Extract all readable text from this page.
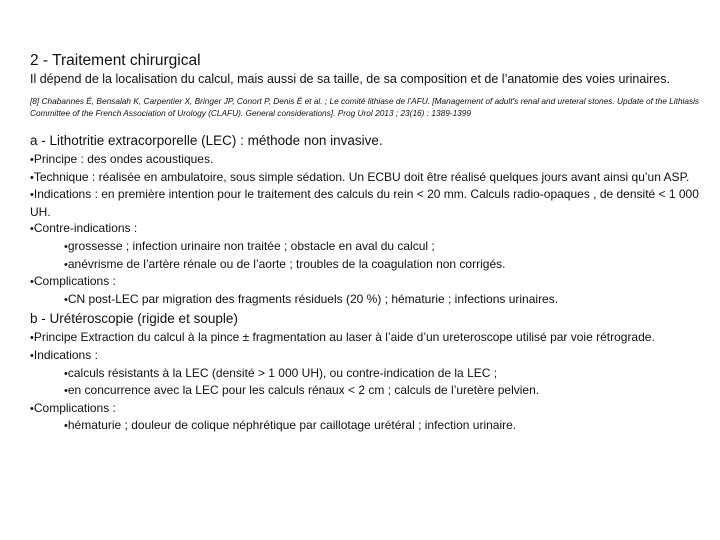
2 - Traitement chirurgical
Il dépend de la localisation du calcul, mais aussi de sa taille, de sa composition et de l’anatomie des voies urinaires.
[8] Chabannes É, Bensalah K, Carpentier X, Bringer JP, Conort P, Denis É et al. ; Le comité lithiase de l’AFU. [Management of adult's renal and ureteral stones. Update of the Lithiasis Committee of the French Association of Urology (CLAFU). General considerations]. Prog Urol 2013 ; 23(16) : 1389-1399
a - Lithotritie extracorporelle (LEC) : méthode non invasive.
•Principe : des ondes acoustiques.
•Technique : réalisée en ambulatoire, sous simple sédation. Un ECBU doit être réalisé quelques jours avant ainsi qu’un ASP.
•Indications : en première intention pour le traitement des calculs du rein < 20 mm. Calculs radio-opaques , de densité < 1 000 UH.
•Contre-indications :
•grossesse ; infection urinaire non traitée ; obstacle en aval du calcul ;
•anévrisme de l’artère rénale ou de l’aorte ; troubles de la coagulation non corrigés.
•Complications :
•CN post-LEC par migration des fragments résiduels (20 %) ; hématurie ; infections urinaires.
b - Urétéroscopie (rigide et souple)
•Principe Extraction du calcul à la pince ± fragmentation au laser à l’aide d’un ureteroscope utilisé par voie rétrograde.
•Indications :
•calculs résistants à la LEC (densité > 1 000 UH), ou contre-indication de la LEC ;
•en concurrence avec la LEC pour les calculs rénaux < 2 cm ; calculs de l’uretère pelvien.
•Complications :
•hématurie ; douleur de colique néphrétique par caillotage urétéral ; infection urinaire.
